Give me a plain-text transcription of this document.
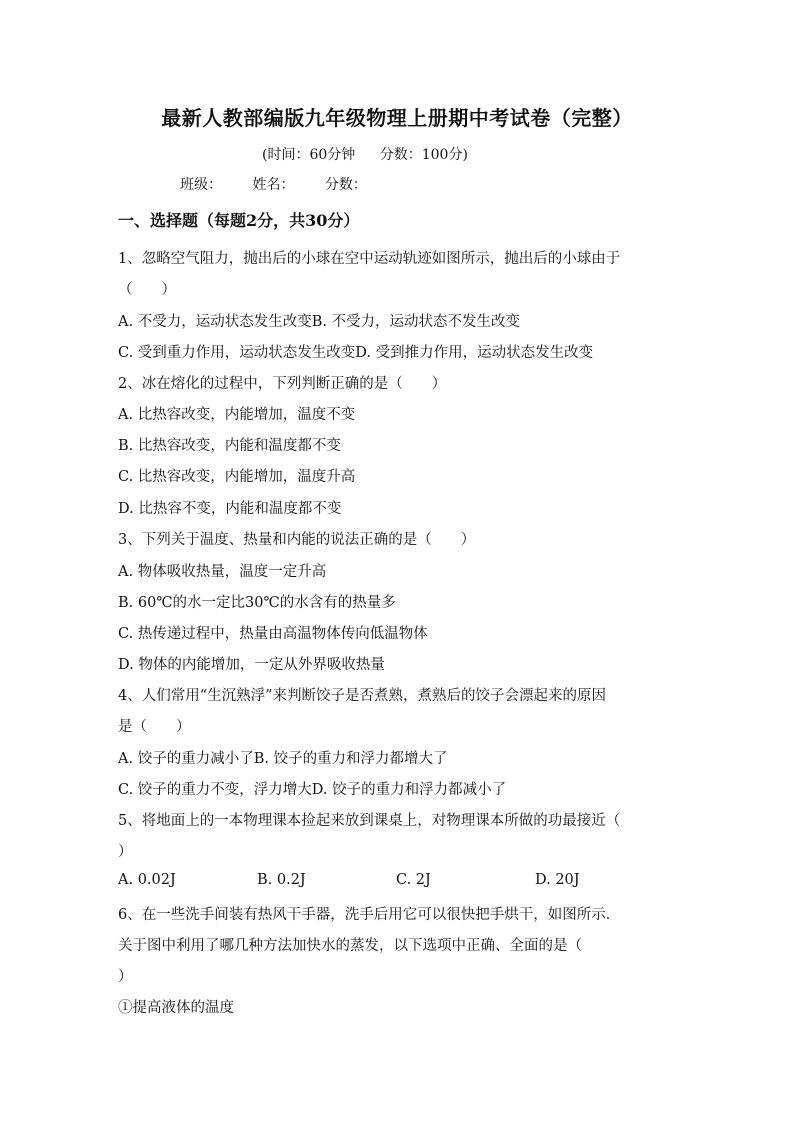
最新人教部编版九年级物理上册期中考试卷（完整）
(时间：60分钟 分数：100分)
班级： 姓名： 分数：
一、选择题（每题2分，共30分）
1、忽略空气阻力，抛出后的小球在空中运动轨迹如图所示，抛出后的小球由于
（　　）
A. 不受力，运动状态发生改变B. 不受力，运动状态不发生改变
C. 受到重力作用，运动状态发生改变D. 受到推力作用，运动状态发生改变
2、冰在熔化的过程中，下列判断正确的是（　　）
A. 比热容改变，内能增加，温度不变
B. 比热容改变，内能和温度都不变
C. 比热容改变，内能增加，温度升高
D. 比热容不变，内能和温度都不变
3、下列关于温度、热量和内能的说法正确的是（　　）
A. 物体吸收热量，温度一定升高
B. 60℃的水一定比30℃的水含有的热量多
C. 热传递过程中，热量由高温物体传向低温物体
D. 物体的内能增加，一定从外界吸收热量
4、人们常用“生沉熟浮”来判断饺子是否煮熟，煮熟后的饺子会漂起来的原因
是（　　）
A. 饺子的重力减小了B. 饺子的重力和浮力都增大了
C. 饺子的重力不变，浮力增大D. 饺子的重力和浮力都减小了
5、将地面上的一本物理课本捡起来放到课桌上，对物理课本所做的功最接近（
）
A. 0.02J	B. 0.2J	C. 2J	D. 20J
6、在一些洗手间装有热风干手器，洗手后用它可以很快把手烘干，如图所示．
关于图中利用了哪几种方法加快水的蒸发，以下选项中正确、全面的是（
）
①提高液体的温度
